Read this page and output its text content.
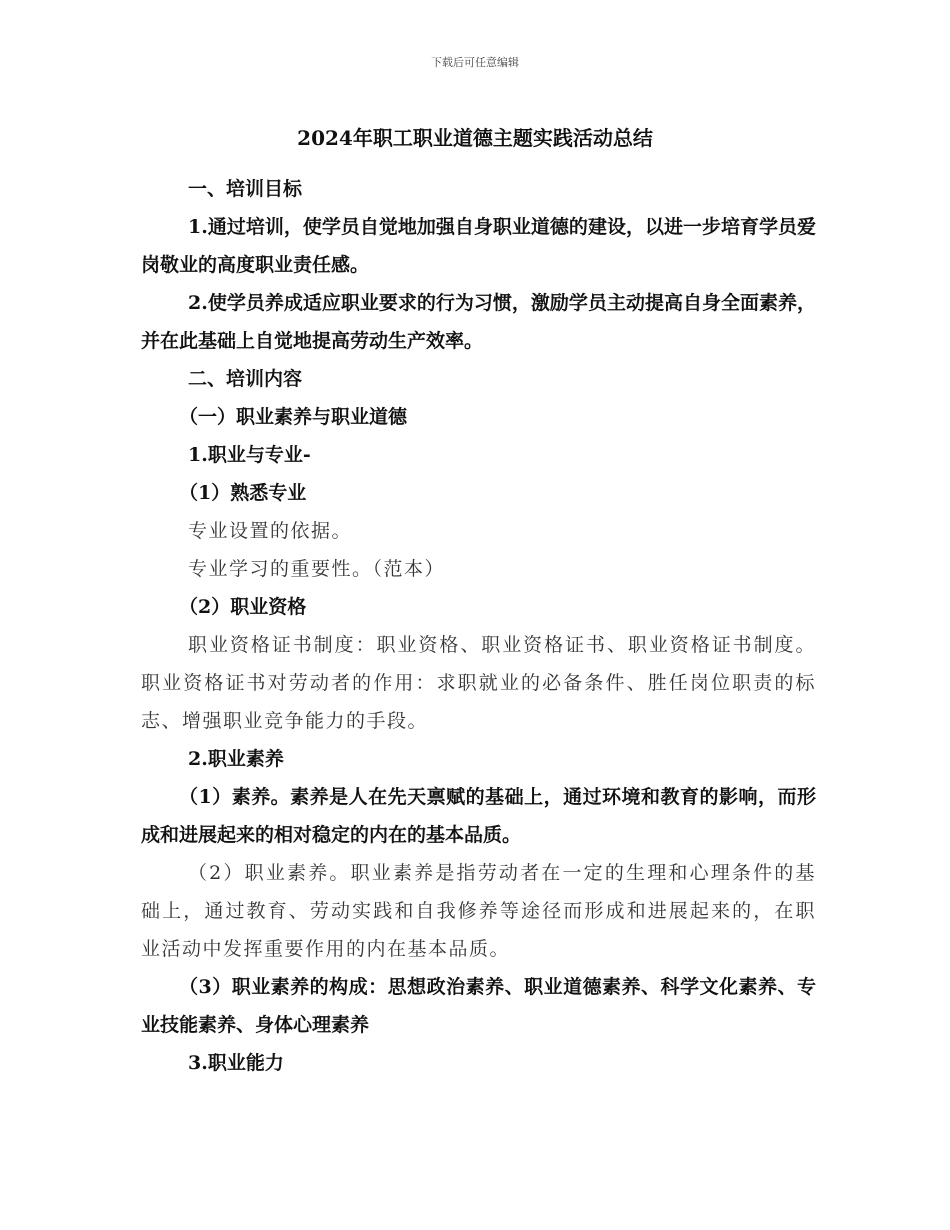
下载后可任意编辑
2024年职工职业道德主题实践活动总结

一、培训目标

1.通过培训，使学员自觉地加强自身职业道德的建设，以进一步培育学员爱岗敬业的高度职业责任感。

2.使学员养成适应职业要求的行为习惯，激励学员主动提高自身全面素养，并在此基础上自觉地提高劳动生产效率。

二、培训内容

（一）职业素养与职业道德

1.职业与专业-

（1）熟悉专业

专业设置的依据。

专业学习的重要性。（范本）

（2）职业资格

职业资格证书制度：职业资格、职业资格证书、职业资格证书制度。职业资格证书对劳动者的作用：求职就业的必备条件、胜任岗位职责的标志、增强职业竞争能力的手段。

2.职业素养

（1）素养。素养是人在先天禀赋的基础上，通过环境和教育的影响，而形成和进展起来的相对稳定的内在的基本品质。

（2）职业素养。职业素养是指劳动者在一定的生理和心理条件的基础上，通过教育、劳动实践和自我修养等途径而形成和进展起来的，在职业活动中发挥重要作用的内在基本品质。

（3）职业素养的构成：思想政治素养、职业道德素养、科学文化素养、专业技能素养、身体心理素养

3.职业能力
